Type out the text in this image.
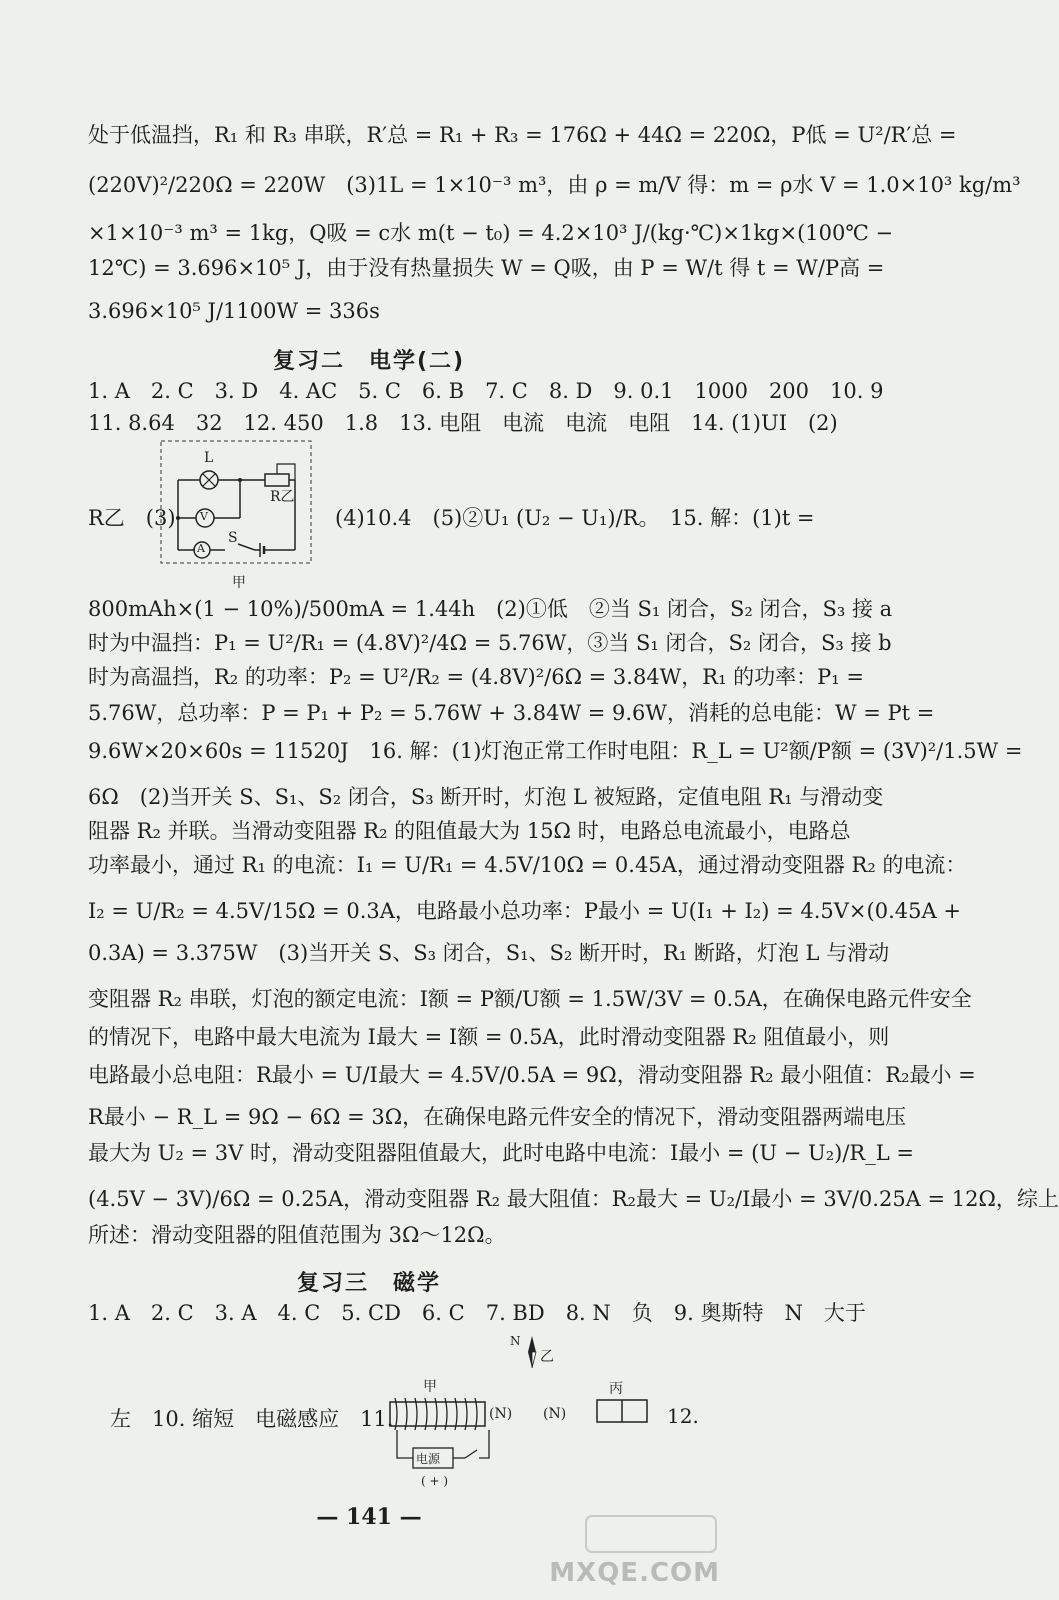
处于低温挡，R₁ 和 R₃ 串联，R′总 = R₁ + R₃ = 176Ω + 44Ω = 220Ω，P低 = U²/R′总 =
(220V)²/220Ω = 220W　(3)1L = 1×10⁻³ m³，由 ρ = m/V 得：m = ρ水 V = 1.0×10³ kg/m³
×1×10⁻³ m³ = 1kg，Q吸 = c水 m(t − t₀) = 4.2×10³ J/(kg·℃)×1kg×(100℃ −
12℃) = 3.696×10⁵ J，由于没有热量损失 W = Q吸，由 P = W/t 得 t = W/P高 =
3.696×10⁵ J/1100W = 336s
复习二　电学(二)
1. A　2. C　3. D　4. AC　5. C　6. B　7. C　8. D　9. 0.1　1000　200　10. 9
11. 8.64　32　12. 450　1.8　13. 电阻　电流　电流　电阻　14. (1)UI　(2)
R乙　(3)	(4)10.4　(5)②U₁ (U₂ − U₁)/R。　15. 解：(1)t =
L
R乙
V
A
S
甲
800mAh×(1 − 10%)/500mA = 1.44h　(2)①低　②当 S₁ 闭合，S₂ 闭合，S₃ 接 a
时为中温挡：P₁ = U²/R₁ = (4.8V)²/4Ω = 5.76W，③当 S₁ 闭合，S₂ 闭合，S₃ 接 b
时为高温挡，R₂ 的功率：P₂ = U²/R₂ = (4.8V)²/6Ω = 3.84W，R₁ 的功率：P₁ =
5.76W，总功率：P = P₁ + P₂ = 5.76W + 3.84W = 9.6W，消耗的总电能：W = Pt =
9.6W×20×60s = 11520J　16. 解：(1)灯泡正常工作时电阻：R_L = U²额/P额 = (3V)²/1.5W =
6Ω　(2)当开关 S、S₁、S₂ 闭合，S₃ 断开时，灯泡 L 被短路，定值电阻 R₁ 与滑动变
阻器 R₂ 并联。当滑动变阻器 R₂ 的阻值最大为 15Ω 时，电路总电流最小，电路总
功率最小，通过 R₁ 的电流：I₁ = U/R₁ = 4.5V/10Ω = 0.45A，通过滑动变阻器 R₂ 的电流：
I₂ = U/R₂ = 4.5V/15Ω = 0.3A，电路最小总功率：P最小 = U(I₁ + I₂) = 4.5V×(0.45A +
0.3A) = 3.375W　(3)当开关 S、S₃ 闭合，S₁、S₂ 断开时，R₁ 断路，灯泡 L 与滑动
变阻器 R₂ 串联，灯泡的额定电流：I额 = P额/U额 = 1.5W/3V = 0.5A，在确保电路元件安全
的情况下，电路中最大电流为 I最大 = I额 = 0.5A，此时滑动变阻器 R₂ 阻值最小，则
电路最小总电阻：R最小 = U/I最大 = 4.5V/0.5A = 9Ω，滑动变阻器 R₂ 最小阻值：R₂最小 =
R最小 − R_L = 9Ω − 6Ω = 3Ω，在确保电路元件安全的情况下，滑动变阻器两端电压
最大为 U₂ = 3V 时，滑动变阻器阻值最大，此时电路中电流：I最小 = (U − U₂)/R_L =
(4.5V − 3V)/6Ω = 0.25A，滑动变阻器 R₂ 最大阻值：R₂最大 = U₂/I最小 = 3V/0.25A = 12Ω，综上
所述：滑动变阻器的阻值范围为 3Ω～12Ω。
复习三　磁学
1. A　2. C　3. A　4. C　5. CD　6. C　7. BD　8. N　负　9. 奥斯特　N　大于
左　10. 缩短　电磁感应　11.
N
乙
甲	丙
(N) (N)
电源
( + )
12.
— 141 —
MXQE.COM
